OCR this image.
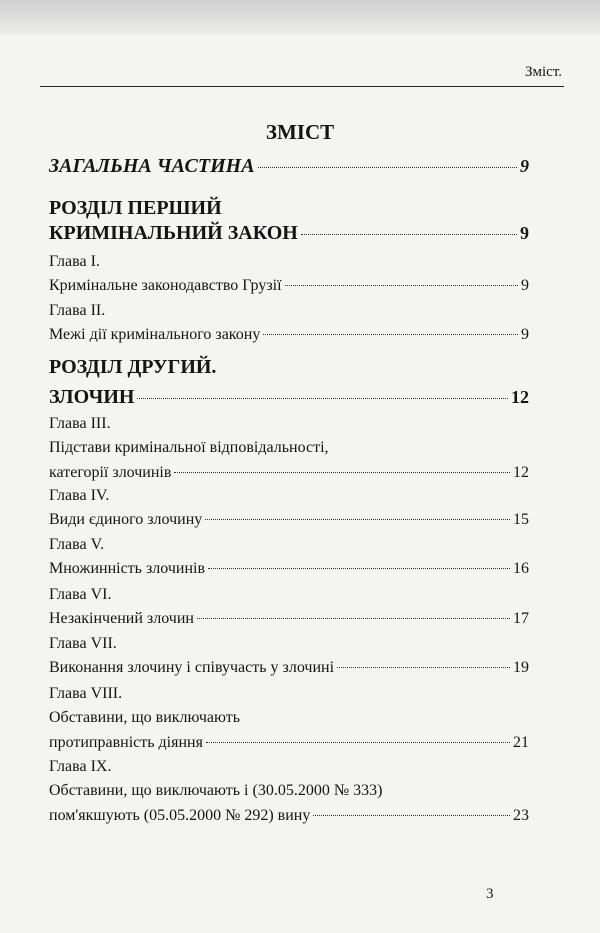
Зміст.
ЗМІСТ
ЗАГАЛЬНА ЧАСТИНА	9
РОЗДІЛ ПЕРШИЙ
КРИМІНАЛЬНИЙ ЗАКОН	9
Глава I.
Кримінальне законодавство Грузії	9
Глава II.
Межі дії кримінального закону	9
РОЗДІЛ ДРУГИЙ.
ЗЛОЧИН	12
Глава III.
Підстави кримінальної відповідальності,
категорії злочинів	12
Глава IV.
Види єдиного злочину	15
Глава V.
Множинність злочинів	16
Глава VI.
Незакінчений злочин	17
Глава VII.
Виконання злочину і співучасть у злочині	19
Глава VIII.
Обставини, що виключають
протиправність діяння	21
Глава IX.
Обставини, що виключають і (30.05.2000 № 333)
пом'якшують (05.05.2000 № 292) вину	23
3
